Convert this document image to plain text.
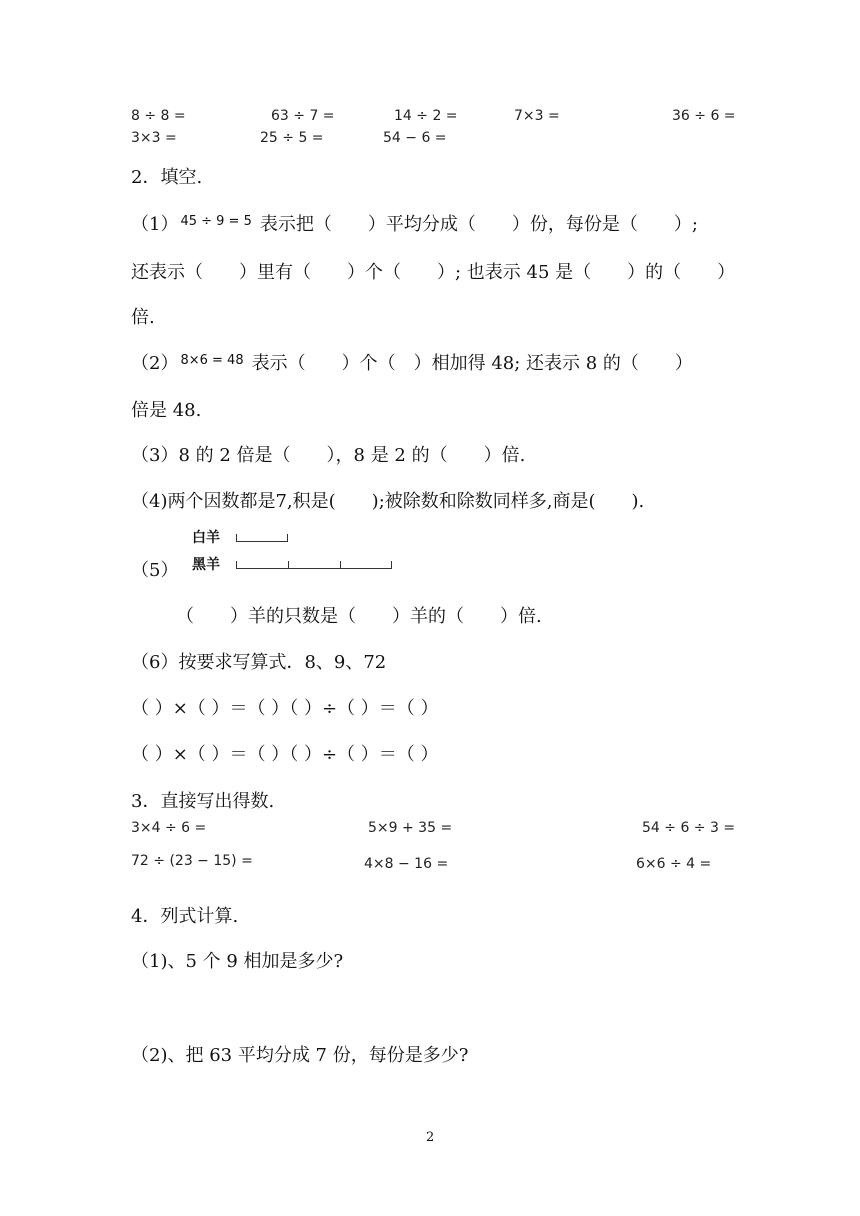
8 ÷ 8 =	63 ÷ 7 =	14 ÷ 2 =	7×3 =	36 ÷ 6 =
3×3 =	25 ÷ 5 =	54 − 6 =
2．填空.
（1） $^{45 \div 9 = 5}$ 表示把（　　）平均分成（　　）份，每份是（　　）;
还表示（　　）里有（　　）个（　　）; 也表示 45 是（　　）的（　　）
倍.
（2） $^{8\times 6 = 48}$ 表示（　　）个（　）相加得 48; 还表示 8 的（　　）
倍是 48.
（3）8 的 2 倍是（　　），8 是 2 的（　　）倍.
（4)两个因数都是7,积是(　　);被除数和除数同样多,商是(　　).
（5）
白羊
黑羊
（　　）羊的只数是（　　）羊的（　　）倍.
（6）按要求写算式．8、9、72
（ ）×（ ）＝（ ）（ ）÷（ ）＝（ ）
（ ）×（ ）＝（ ）（ ）÷（ ）＝（ ）
3．直接写出得数.
3×4 ÷ 6 =	5×9 + 35 =	54 ÷ 6 ÷ 3 =
72 ÷ (23 − 15) =	4×8 − 16 =	6×6 ÷ 4 =
4．列式计算.
（1)、5 个 9 相加是多少?
（2)、把 63 平均分成 7 份，每份是多少?
2
